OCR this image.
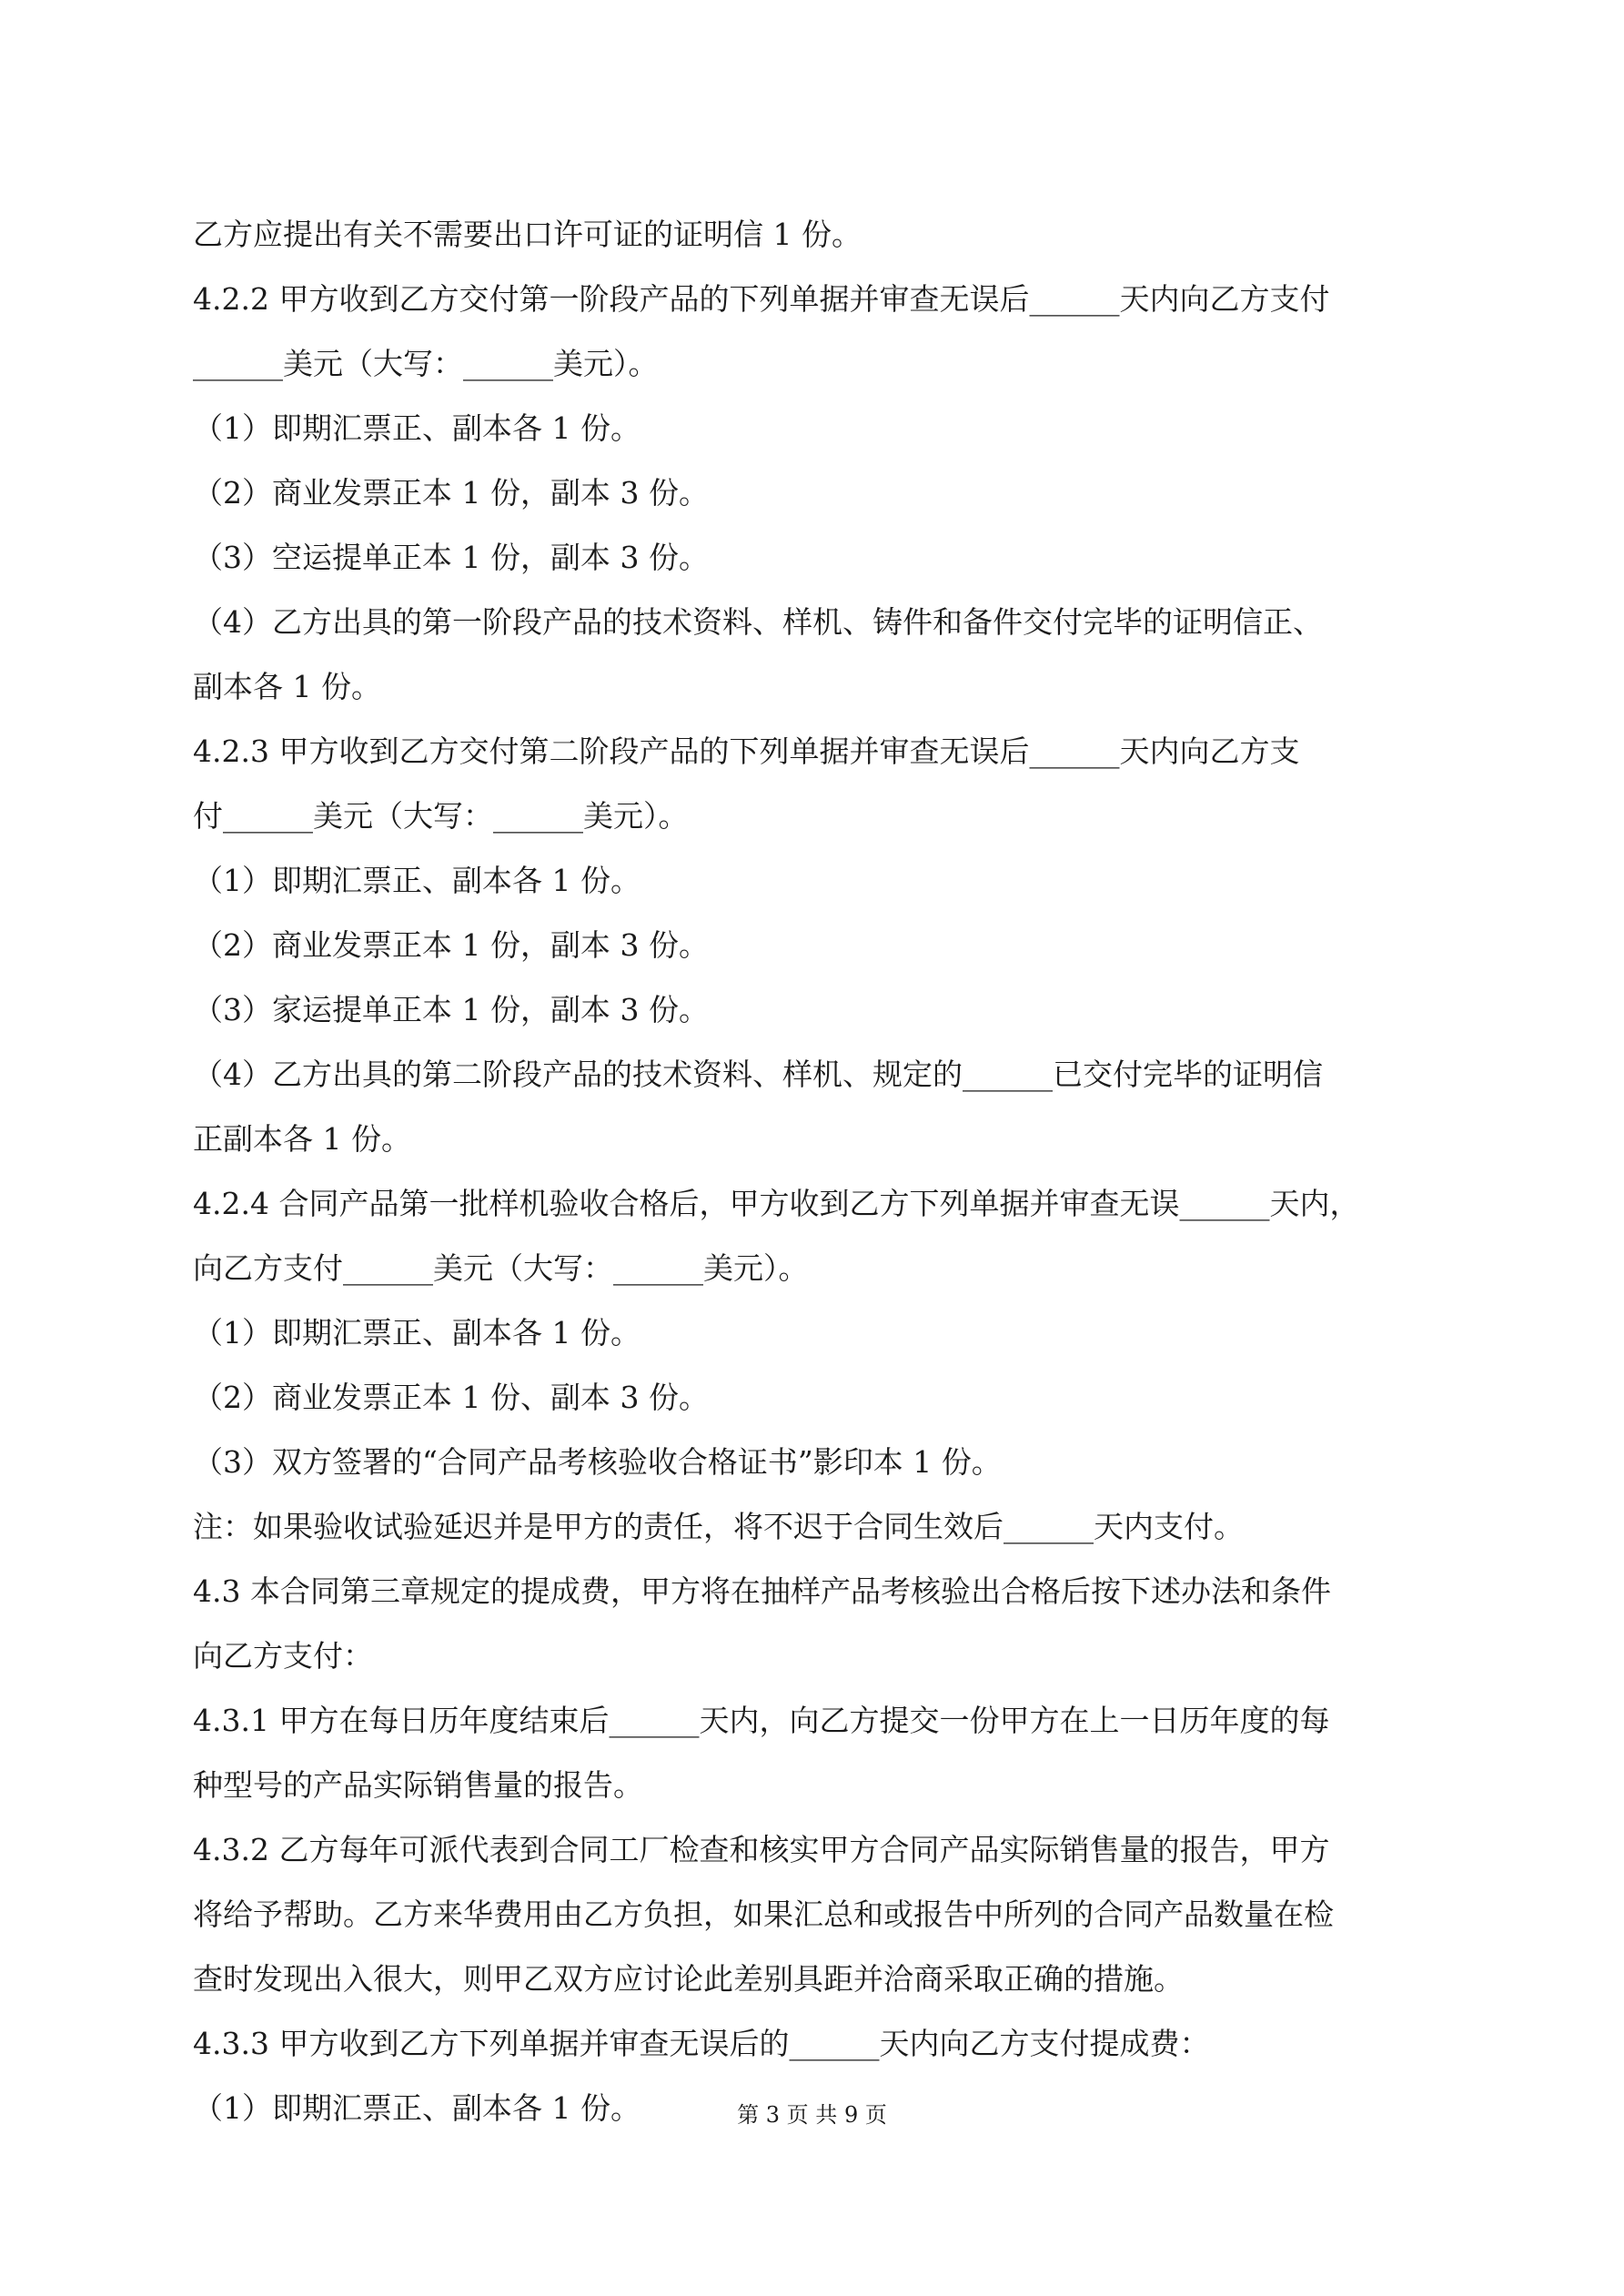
乙方应提出有关不需要出口许可证的证明信 1 份。
4.2.2 甲方收到乙方交付第一阶段产品的下列单据并审查无误后______天内向乙方支付
______美元（大写：______美元）。
（1）即期汇票正、副本各 1 份。
（2）商业发票正本 1 份，副本 3 份。
（3）空运提单正本 1 份，副本 3 份。
（4）乙方出具的第一阶段产品的技术资料、样机、铸件和备件交付完毕的证明信正、
副本各 1 份。
4.2.3 甲方收到乙方交付第二阶段产品的下列单据并审查无误后______天内向乙方支
付______美元（大写：______美元）。
（1）即期汇票正、副本各 1 份。
（2）商业发票正本 1 份，副本 3 份。
（3）家运提单正本 1 份，副本 3 份。
（4）乙方出具的第二阶段产品的技术资料、样机、规定的______已交付完毕的证明信
正副本各 1 份。
4.2.4 合同产品第一批样机验收合格后，甲方收到乙方下列单据并审查无误______天内，
向乙方支付______美元（大写：______美元）。
（1）即期汇票正、副本各 1 份。
（2）商业发票正本 1 份、副本 3 份。
（3）双方签署的“合同产品考核验收合格证书”影印本 1 份。
注：如果验收试验延迟并是甲方的责任，将不迟于合同生效后______天内支付。
4.3 本合同第三章规定的提成费，甲方将在抽样产品考核验出合格后按下述办法和条件
向乙方支付：
4.3.1 甲方在每日历年度结束后______天内，向乙方提交一份甲方在上一日历年度的每
种型号的产品实际销售量的报告。
4.3.2 乙方每年可派代表到合同工厂检查和核实甲方合同产品实际销售量的报告，甲方
将给予帮助。乙方来华费用由乙方负担，如果汇总和或报告中所列的合同产品数量在检
查时发现出入很大，则甲乙双方应讨论此差别具距并洽商采取正确的措施。
4.3.3 甲方收到乙方下列单据并审查无误后的______天内向乙方支付提成费：
（1）即期汇票正、副本各 1 份。	第 3 页 共 9 页
